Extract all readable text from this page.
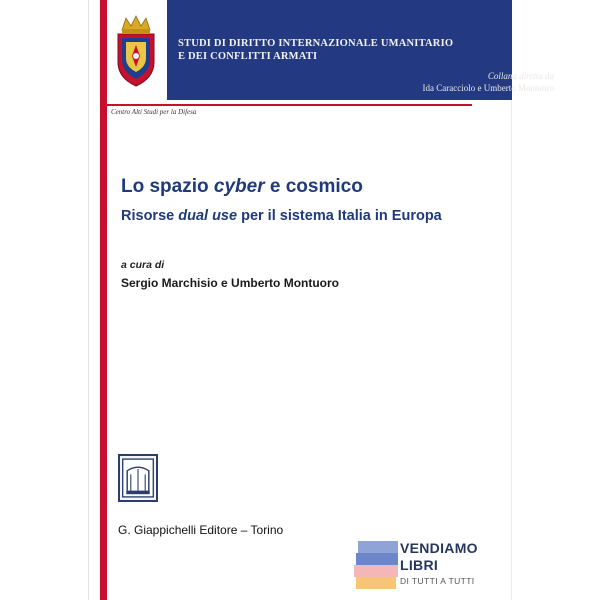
STUDI DI DIRITTO INTERNAZIONALE UMANITARIO
E DEI CONFLITTI ARMATI
Collana diretta da
Ida Caracciolo e Umberto Montuoro
Centro Alti Studi per la Difesa
Lo spazio cyber e cosmico
Risorse dual use per il sistema Italia in Europa
a cura di
Sergio Marchisio e Umberto Montuoro
G. Giappichelli Editore – Torino
VENDIAMO
LIBRI
DI TUTTI A TUTTI
